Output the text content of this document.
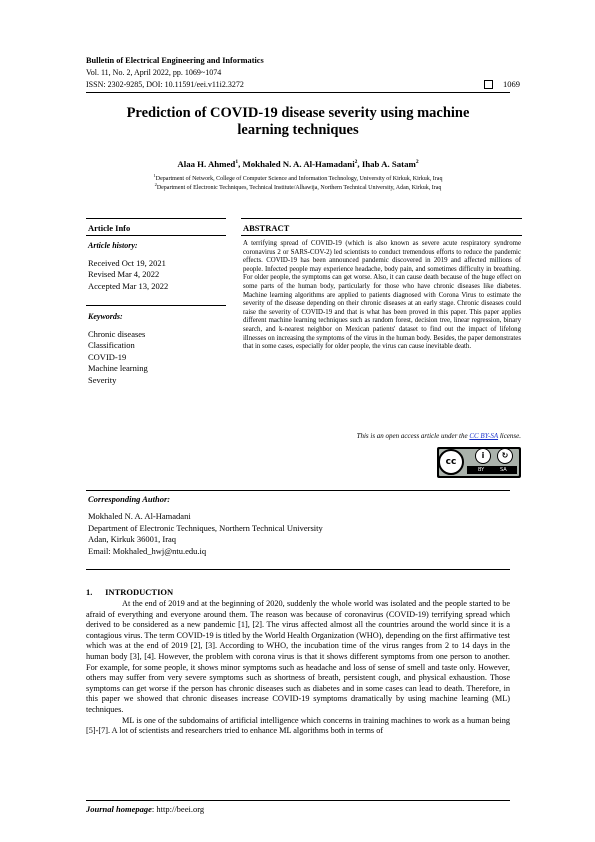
Bulletin of Electrical Engineering and Informatics
Vol. 11, No. 2, April 2022, pp. 1069~1074
ISSN: 2302-9285, DOI: 10.11591/eei.v11i2.3272	1069
Prediction of COVID-19 disease severity using machine
learning techniques
Alaa H. Ahmed$^1$, Mokhaled N. A. Al-Hamadani$^2$, Ihab A. Satam$^2$
$^1$Department of Network, College of Computer Science and Information Technology, University of Kirkuk, Kirkuk, Iraq
$^2$Department of Electronic Techniques, Technical Institute/Alhawija, Northern Technical University, Adan, Kirkuk, Iraq
Article Info	ABSTRACT
Article history:
Received Oct 19, 2021
Revised Mar 4, 2022
Accepted Mar 13, 2022
Keywords:
Chronic diseases
Classification
COVID-19
Machine learning
Severity
A terrifying spread of COVID-19 (which is also known as severe acute respiratory syndrome coronavirus 2 or SARS-COV-2) led scientists to conduct tremendous efforts to reduce the pandemic effects. COVID-19 has been announced pandemic discovered in 2019 and affected millions of people. Infected people may experience headache, body pain, and sometimes difficulty in breathing. For older people, the symptoms can get worse. Also, it can cause death because of the huge effect on some parts of the human body, particularly for those who have chronic diseases like diabetes. Machine learning algorithms are applied to patients diagnosed with Corona Virus to estimate the severity of the disease depending on their chronic diseases at an early stage. Chronic diseases could raise the severity of COVID-19 and that is what has been proved in this paper. This paper applies different machine learning techniques such as random forest, decision tree, linear regression, binary search, and k-nearest neighbor on Mexican patients' dataset to find out the impact of lifelong illnesses on increasing the symptoms of the virus in the human body. Besides, the paper demonstrates that in some cases, especially for older people, the virus can cause inevitable death.
This is an open access article under the CC BY-SA license.
cc
i	↻
BY	SA
Corresponding Author:
Mokhaled N. A. Al-Hamadani
Department of Electronic Techniques, Northern Technical University
Adan, Kirkuk 36001, Iraq
Email: Mokhaled_hwj@ntu.edu.iq
1.      INTRODUCTION

At the end of 2019 and at the beginning of 2020, suddenly the whole world was isolated and the people started to be afraid of everything and everyone around them. The reason was because of coronavirus (COVID-19) terrifying spread which derived to be considered as a new pandemic [1], [2]. The virus affected almost all the countries around the world since it is a contagious virus. The term COVID-19 is titled by the World Health Organization (WHO), depending on the first affirmative test which was at the end of 2019 [2], [3]. According to WHO, the incubation time of the virus ranges from 2 to 14 days in the human body [3], [4]. However, the problem with corona virus is that it shows different symptoms from one person to another. For example, for some people, it shows minor symptoms such as headache and loss of sense of smell and taste only. However, others may suffer from very severe symptoms such as shortness of breath, persistent cough, and physical exhaustion. Those symptoms can get worse if the person has chronic diseases such as diabetes and in some cases can lead to death. Therefore, in this paper we showed that chronic diseases increase COVID-19 symptoms dramatically by using machine learning (ML) techniques.

ML is one of the subdomains of artificial intelligence which concerns in training machines to work as a human being [5]-[7]. A lot of scientists and researchers tried to enhance ML algorithms both in terms of

Journal homepage: http://beei.org
